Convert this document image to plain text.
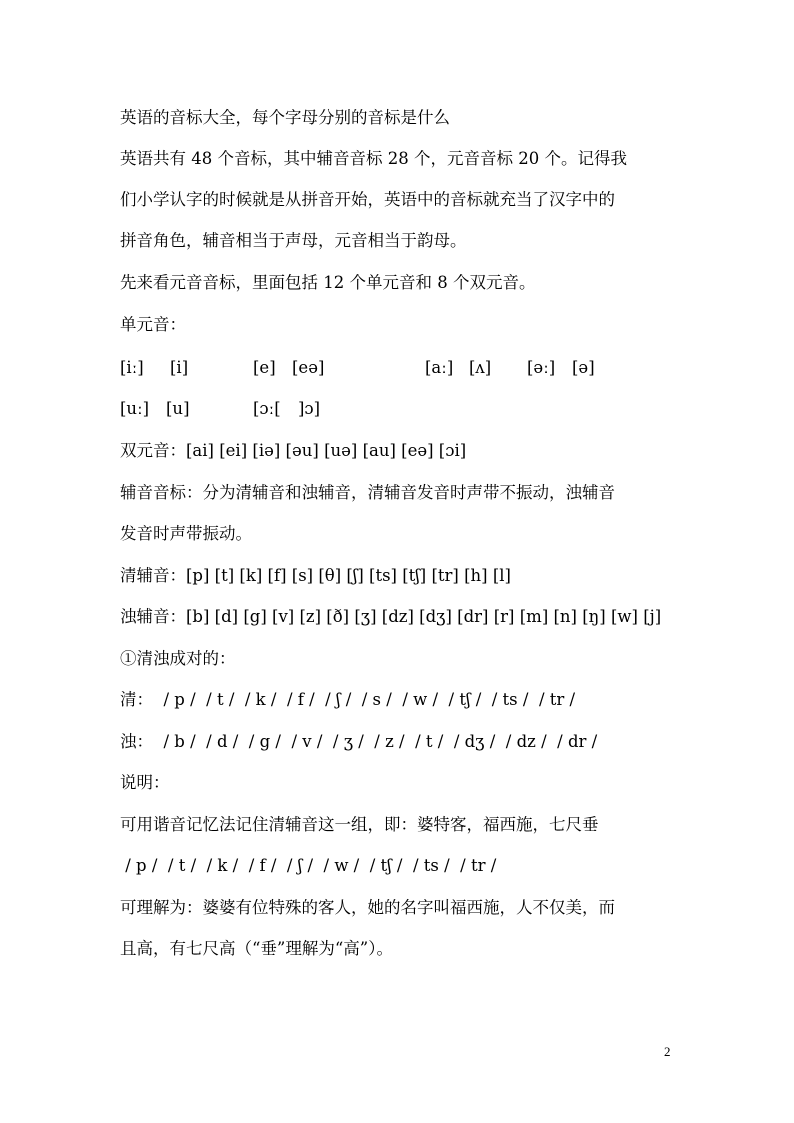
英语的音标大全，每个字母分别的音标是什么
英语共有 48 个音标，其中辅音音标 28 个，元音音标 20 个。记得我
们小学认字的时候就是从拼音开始，英语中的音标就充当了汉字中的
拼音角色，辅音相当于声母，元音相当于韵母。
先来看元音音标，里面包括 12 个单元音和 8 个双元音。
单元音：
[iː] [i]	[e] [eə]	[aː] [ʌ] [əː] [ə]
[uː] [u]	[ɔː[ ]ɔ]
双元音：[ai] [ei] [iə] [əu] [uə] [au] [eə] [ɔi]
辅音音标：分为清辅音和浊辅音，清辅音发音时声带不振动，浊辅音
发音时声带振动。
清辅音：[p] [t] [k] [f] [s] [θ] [ʃ] [ts] [tʃ] [tr] [h] [l]
浊辅音：[b] [d] [g] [v] [z] [ð] [ʒ] [dz] [dʒ] [dr] [r] [m] [n] [ŋ] [w] [j]
①清浊成对的：
清：  / p /  / t /  / k /  / f /  / ʃ /  / s /  / w /  / tʃ /  / ts /  / tr /
浊：  / b /  / d /  / g /  / v /  / ʒ /  / z /  / t /  / dʒ /  / dz /  / dr /
说明：
可用谐音记忆法记住清辅音这一组，即：婆特客，福西施，七尺垂
/ p /  / t /  / k /  / f /  / ʃ /  / w /  / tʃ /  / ts /  / tr /
可理解为：婆婆有位特殊的客人，她的名字叫福西施，人不仅美，而
且高，有七尺高（“垂”理解为“高”）。
2
